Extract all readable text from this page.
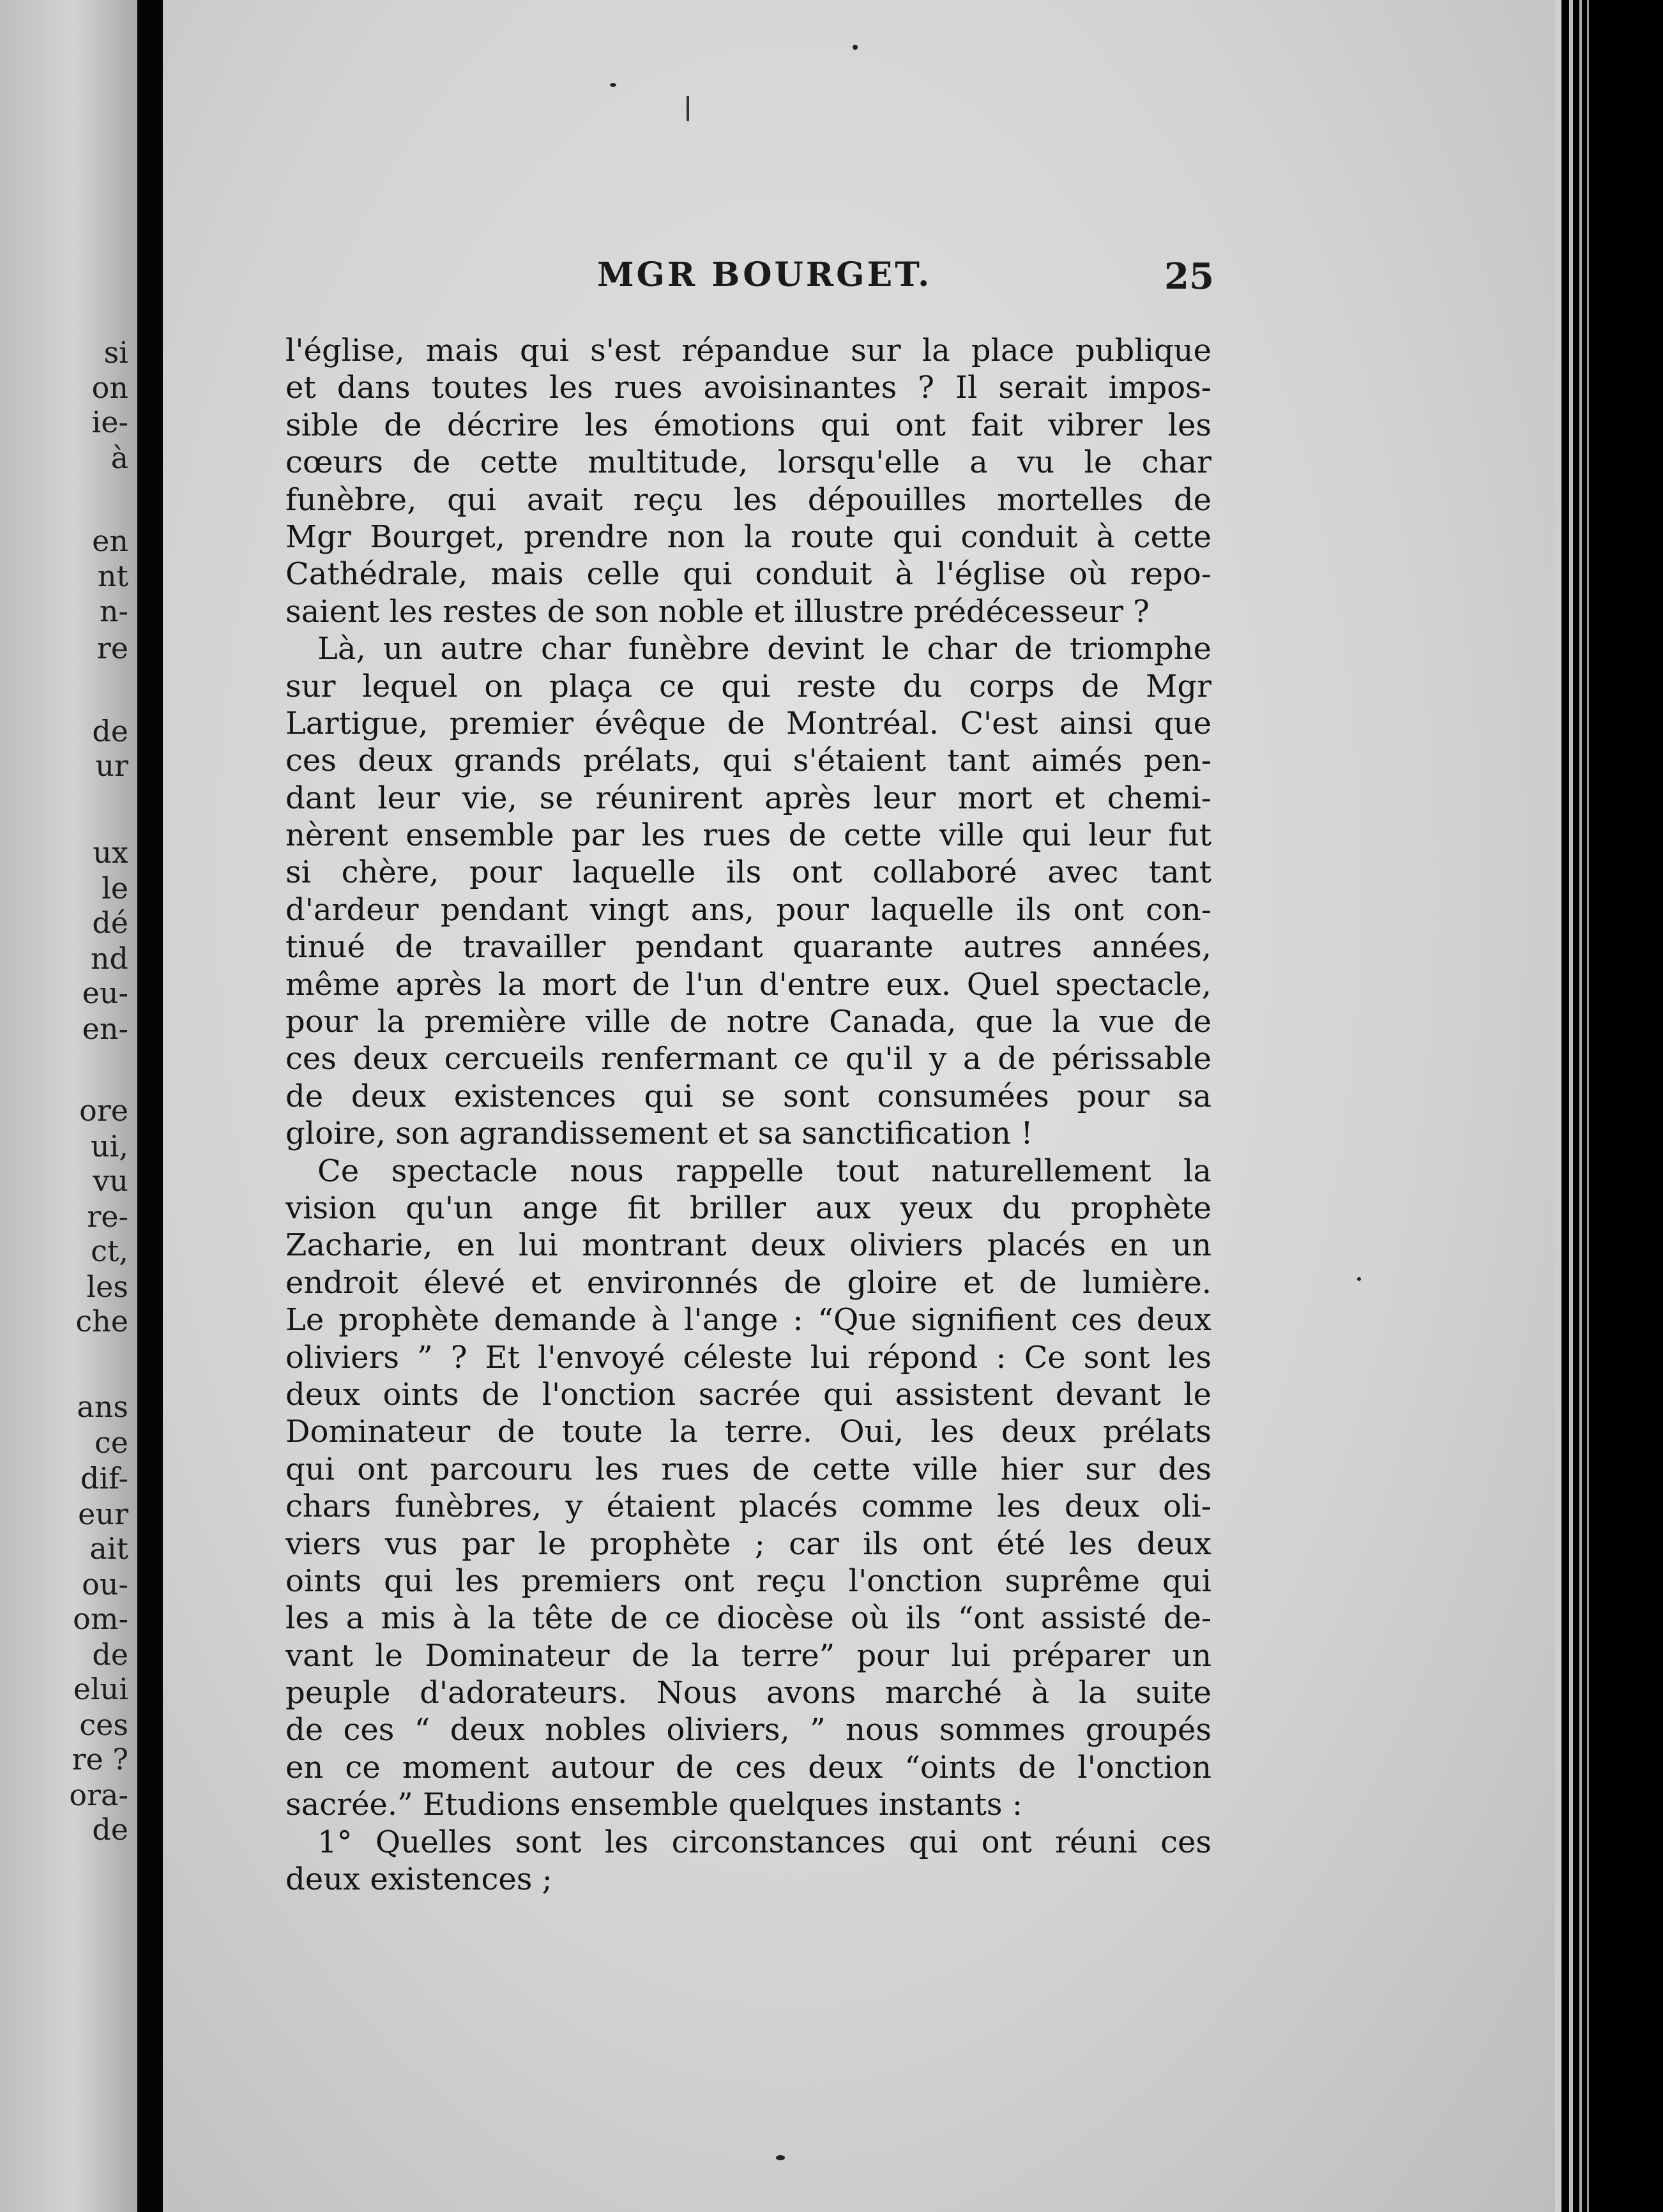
si
on
ie-
à
en
nt
n-
re
de
ur
ux
le
dé
nd
eu-
en-
ore
ui,
vu
re-
ct,
les
che
ans
ce
dif-
eur
ait
ou-
om-
de
elui
ces
re ?
ora-
de
MGR BOURGET.	25
l'église, mais qui s'est répandue sur la place publique
et dans toutes les rues avoisinantes ? Il serait impos-
sible de décrire les émotions qui ont fait vibrer les
cœurs de cette multitude, lorsqu'elle a vu le char
funèbre, qui avait reçu les dépouilles mortelles de
Mgr Bourget, prendre non la route qui conduit à cette
Cathédrale, mais celle qui conduit à l'église où repo-
saient les restes de son noble et illustre prédécesseur ?
Là, un autre char funèbre devint le char de triomphe
sur lequel on plaça ce qui reste du corps de Mgr
Lartigue, premier évêque de Montréal. C'est ainsi que
ces deux grands prélats, qui s'étaient tant aimés pen-
dant leur vie, se réunirent après leur mort et chemi-
nèrent ensemble par les rues de cette ville qui leur fut
si chère, pour laquelle ils ont collaboré avec tant
d'ardeur pendant vingt ans, pour laquelle ils ont con-
tinué de travailler pendant quarante autres années,
même après la mort de l'un d'entre eux. Quel spectacle,
pour la première ville de notre Canada, que la vue de
ces deux cercueils renfermant ce qu'il y a de périssable
de deux existences qui se sont consumées pour sa
gloire, son agrandissement et sa sanctification !
Ce spectacle nous rappelle tout naturellement la
vision qu'un ange fit briller aux yeux du prophète
Zacharie, en lui montrant deux oliviers placés en un
endroit élevé et environnés de gloire et de lumière.
Le prophète demande à l'ange : “Que signifient ces deux
oliviers ” ? Et l'envoyé céleste lui répond : Ce sont les
deux oints de l'onction sacrée qui assistent devant le
Dominateur de toute la terre. Oui, les deux prélats
qui ont parcouru les rues de cette ville hier sur des
chars funèbres, y étaient placés comme les deux oli-
viers vus par le prophète ; car ils ont été les deux
oints qui les premiers ont reçu l'onction suprême qui
les a mis à la tête de ce diocèse où ils “ont assisté de-
vant le Dominateur de la terre” pour lui préparer un
peuple d'adorateurs. Nous avons marché à la suite
de ces “ deux nobles oliviers, ” nous sommes groupés
en ce moment autour de ces deux “oints de l'onction
sacrée.” Etudions ensemble quelques instants :
1° Quelles sont les circonstances qui ont réuni ces
deux existences ;
